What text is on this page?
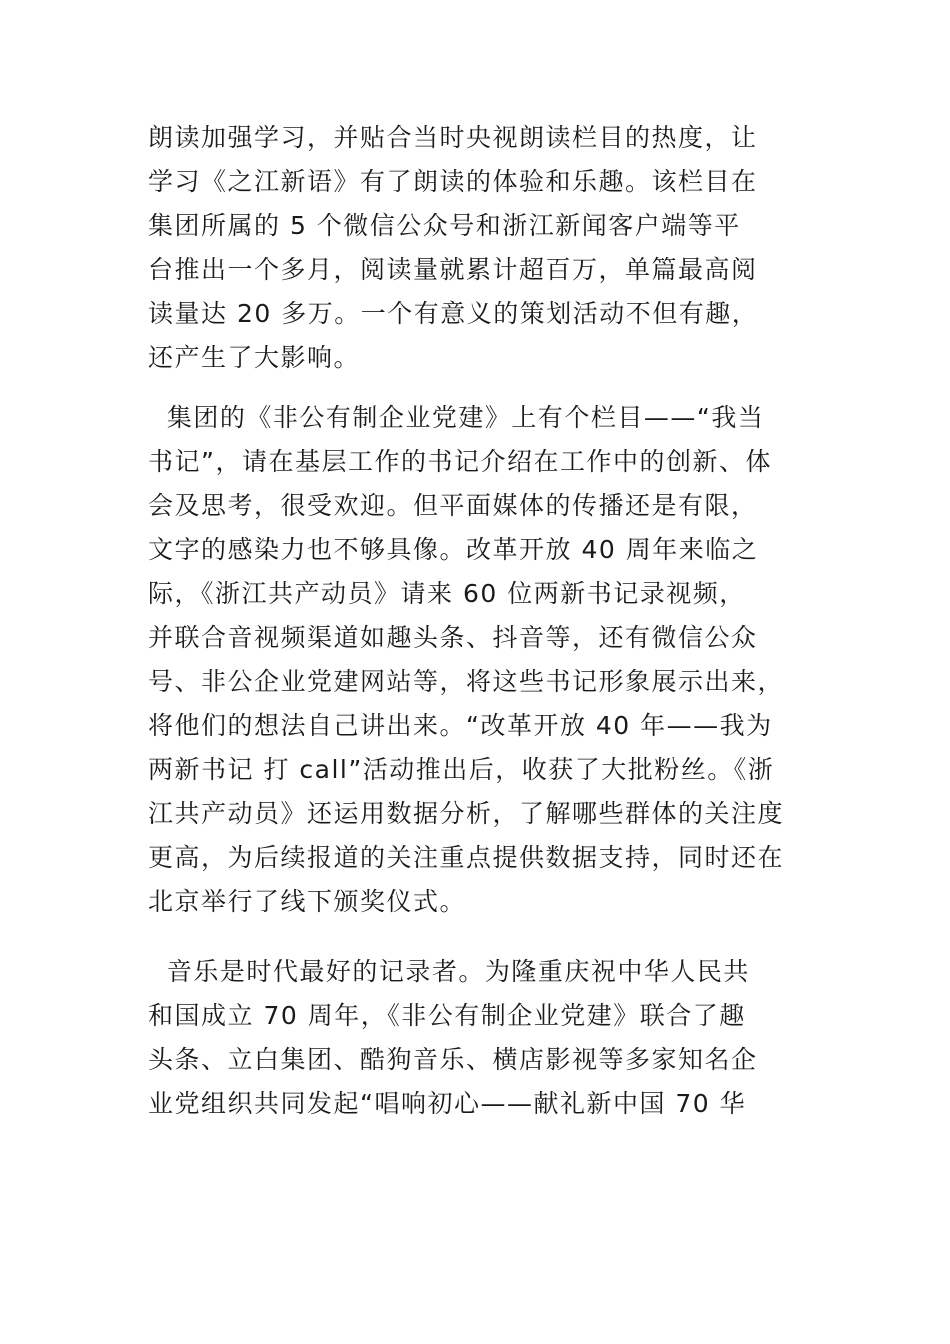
朗读加强学习，并贴合当时央视朗读栏目的热度，让
学习《之江新语》有了朗读的体验和乐趣。该栏目在
集团所属的 5 个微信公众号和浙江新闻客户端等平
台推出一个多月，阅读量就累计超百万，单篇最高阅
读量达 20 多万。一个有意义的策划活动不但有趣，
还产生了大影响。
集团的《非公有制企业党建》上有个栏目——“我当
书记”，请在基层工作的书记介绍在工作中的创新、体
会及思考，很受欢迎。但平面媒体的传播还是有限，
文字的感染力也不够具像。改革开放 40 周年来临之
际，《浙江共产动员》请来 60 位两新书记录视频，
并联合音视频渠道如趣头条、抖音等，还有微信公众
号、非公企业党建网站等，将这些书记形象展示出来，
将他们的想法自己讲出来。“改革开放 40 年——我为
两新书记 打 call”活动推出后，收获了大批粉丝。《浙
江共产动员》还运用数据分析，了解哪些群体的关注度
更高，为后续报道的关注重点提供数据支持，同时还在
北京举行了线下颁奖仪式。
音乐是时代最好的记录者。为隆重庆祝中华人民共
和国成立 70 周年，《非公有制企业党建》联合了趣
头条、立白集团、酷狗音乐、横店影视等多家知名企
业党组织共同发起“唱响初心——献礼新中国 70 华
